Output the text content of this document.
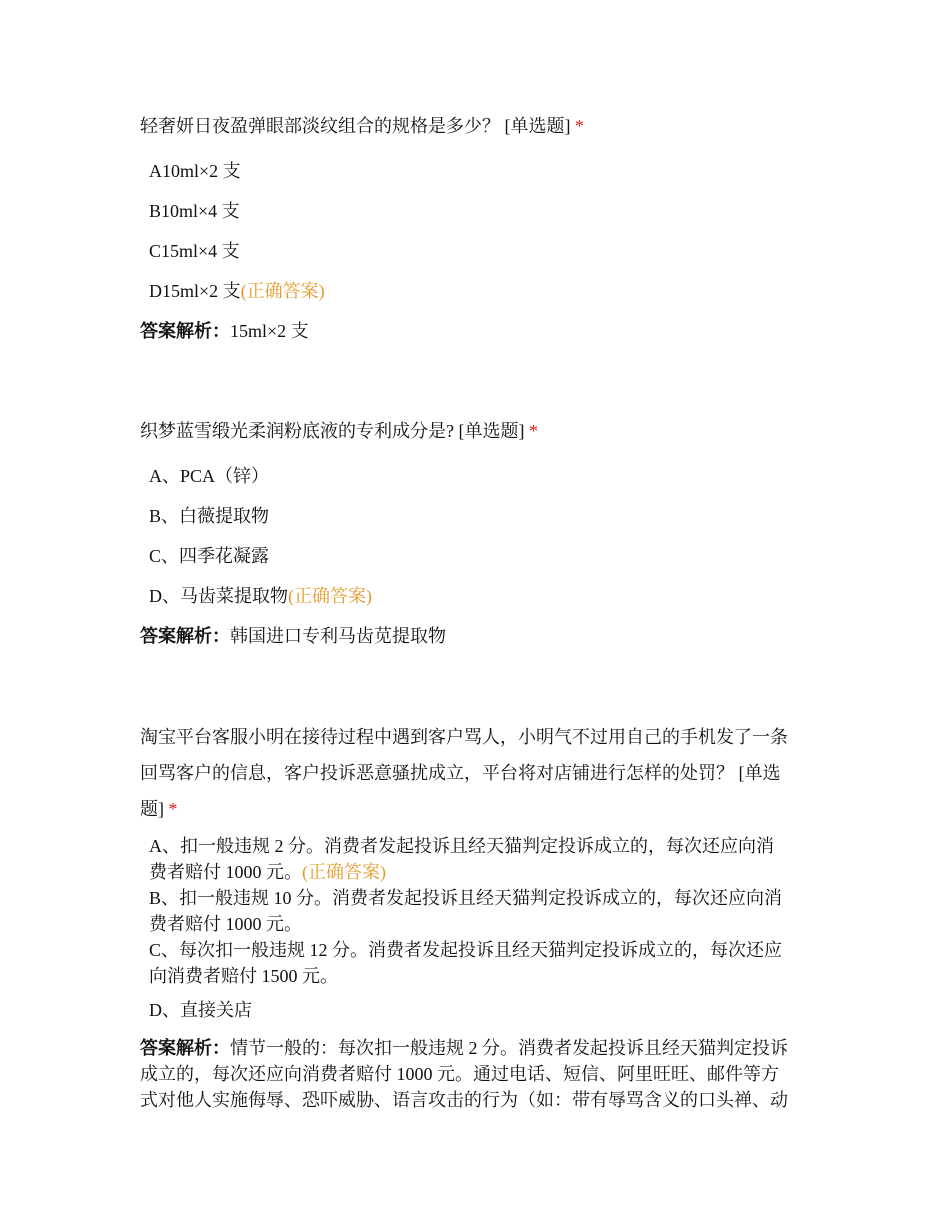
轻奢妍日夜盈弹眼部淡纹组合的规格是多少？ [单选题] *

A10ml×2 支
B10ml×4 支
C15ml×4 支
D15ml×2 支(正确答案)

答案解析：15ml×2 支

织梦蓝雪缎光柔润粉底液的专利成分是? [单选题] *

A、PCA（锌）
B、白薇提取物
C、四季花凝露
D、马齿菜提取物(正确答案)

答案解析：韩国进口专利马齿苋提取物

淘宝平台客服小明在接待过程中遇到客户骂人，小明气不过用自己的手机发了一条
回骂客户的信息，客户投诉恶意骚扰成立，平台将对店铺进行怎样的处罚？ [单选
题] *

A、扣一般违规 2 分。消费者发起投诉且经天猫判定投诉成立的，每次还应向消
费者赔付 1000 元。(正确答案)
B、扣一般违规 10 分。消费者发起投诉且经天猫判定投诉成立的，每次还应向消
费者赔付 1000 元。
C、每次扣一般违规 12 分。消费者发起投诉且经天猫判定投诉成立的，每次还应
向消费者赔付 1500 元。
D、直接关店

答案解析：情节一般的：每次扣一般违规 2 分。消费者发起投诉且经天猫判定投诉
成立的，每次还应向消费者赔付 1000 元。通过电话、短信、阿里旺旺、邮件等方
式对他人实施侮辱、恐吓威胁、语言攻击的行为（如：带有辱骂含义的口头禅、动
